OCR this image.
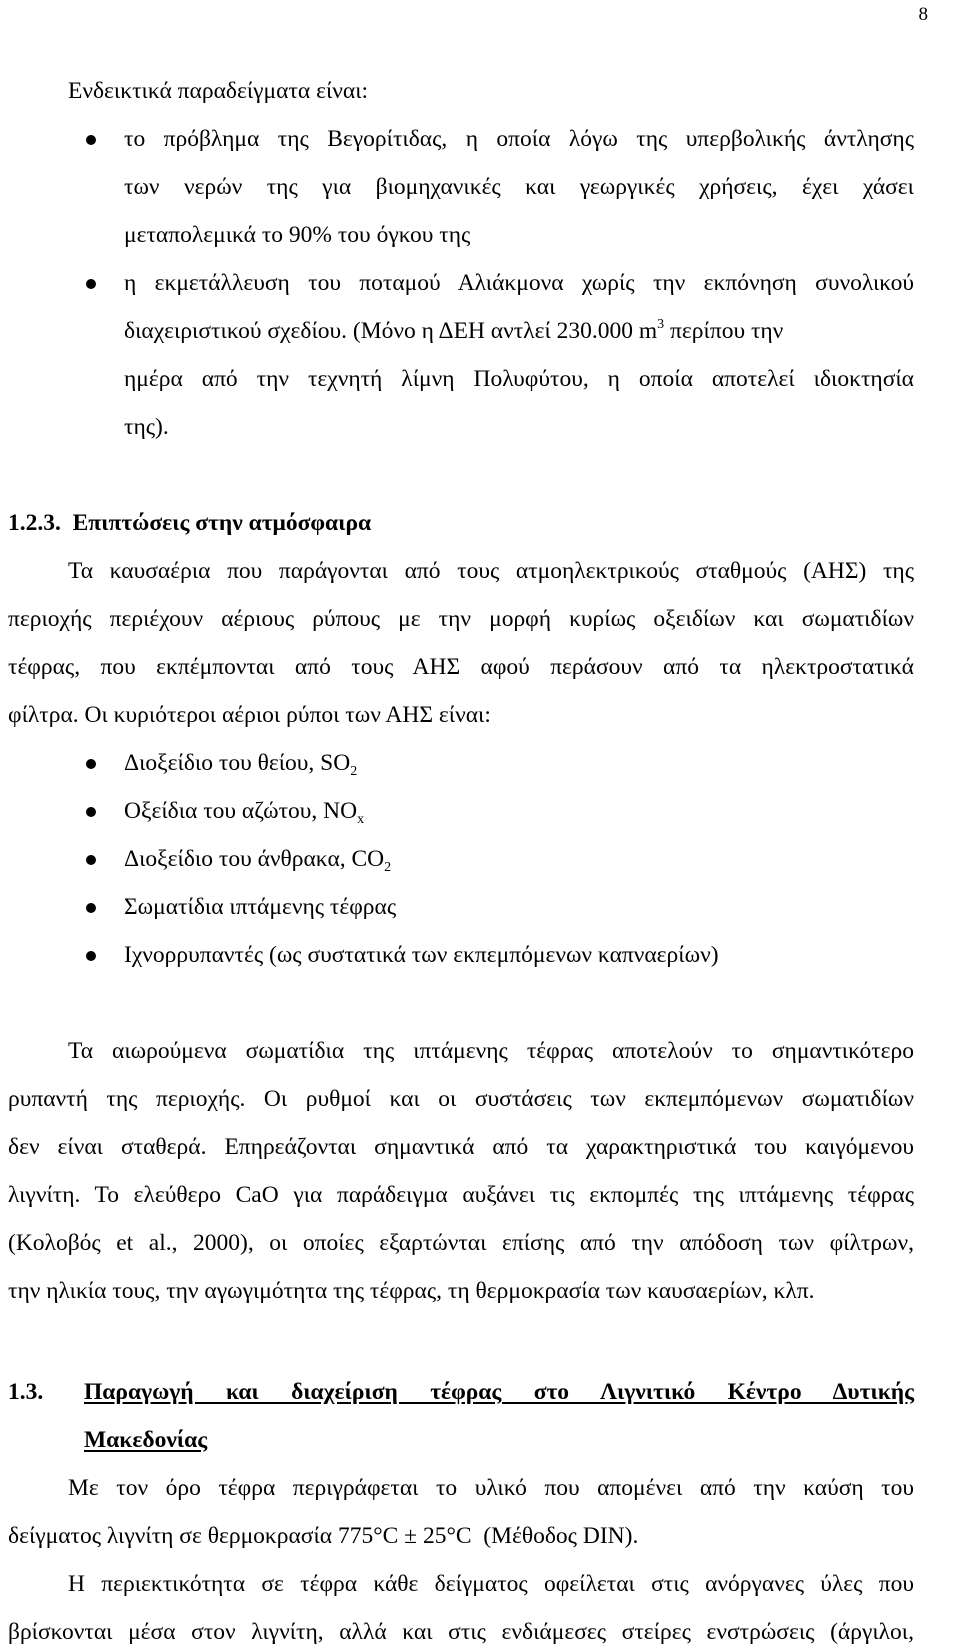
8
Ενδεικτικά παραδείγματα είναι:
το πρόβλημα της Βεγορίτιδας, η οποία λόγω της υπερβολικής άντλησης
των νερών της για βιομηχανικές και γεωργικές χρήσεις, έχει χάσει
μεταπολεμικά το 90% του όγκου της
η εκμετάλλευση του ποταμού Αλιάκμονα χωρίς την εκπόνηση συνολικού
διαχειριστικού σχεδίου. (Μόνο η ΔΕΗ αντλεί 230.000 $m^3$ περίπου την
ημέρα από την τεχνητή λίμνη Πολυφύτου, η οποία αποτελεί ιδιοκτησία
της).
1.2.3.  Επιπτώσεις στην ατμόσφαιρα
Τα καυσαέρια που παράγονται από τους ατμοηλεκτρικούς σταθμούς (ΑΗΣ) της
περιοχής περιέχουν αέριους ρύπους με την μορφή κυρίως οξειδίων και σωματιδίων
τέφρας, που εκπέμπονται από τους ΑΗΣ αφού περάσουν από τα ηλεκτροστατικά
φίλτρα. Οι κυριότεροι αέριοι ρύποι των ΑΗΣ είναι:
Διοξείδιο του θείου, $SO_2$
Οξείδια του αζώτου, $NO_x$
Διοξείδιο του άνθρακα, $CO_2$
Σωματίδια ιπτάμενης τέφρας
Ιχνορρυπαντές (ως συστατικά των εκπεμπόμενων καπναερίων)
Τα αιωρούμενα σωματίδια της ιπτάμενης τέφρας αποτελούν το σημαντικότερο
ρυπαντή της περιοχής. Οι ρυθμοί και οι συστάσεις των εκπεμπόμενων σωματιδίων
δεν είναι σταθερά. Επηρεάζονται σημαντικά από τα χαρακτηριστικά του καιγόμενου
λιγνίτη. Το ελεύθερο CaO για παράδειγμα αυξάνει τις εκπομπές της ιπτάμενης τέφρας
(Κολοβός et al., 2000), οι οποίες εξαρτώνται επίσης από την απόδοση των φίλτρων,
την ηλικία τους, την αγωγιμότητα της τέφρας, τη θερμοκρασία των καυσαερίων, κλπ.
1.3. Παραγωγή και διαχείριση τέφρας στο Λιγνιτικό Κέντρο Δυτικής
Μακεδονίας
Με τον όρο τέφρα περιγράφεται το υλικό που απομένει από την καύση του
δείγματος λιγνίτη σε θερμοκρασία 775°C ± 25°C  (Μέθοδος DIN).
Η περιεκτικότητα σε τέφρα κάθε δείγματος οφείλεται στις ανόργανες ύλες που
βρίσκονται μέσα στον λιγνίτη, αλλά και στις ενδιάμεσες στείρες ενστρώσεις (άργιλοι,
